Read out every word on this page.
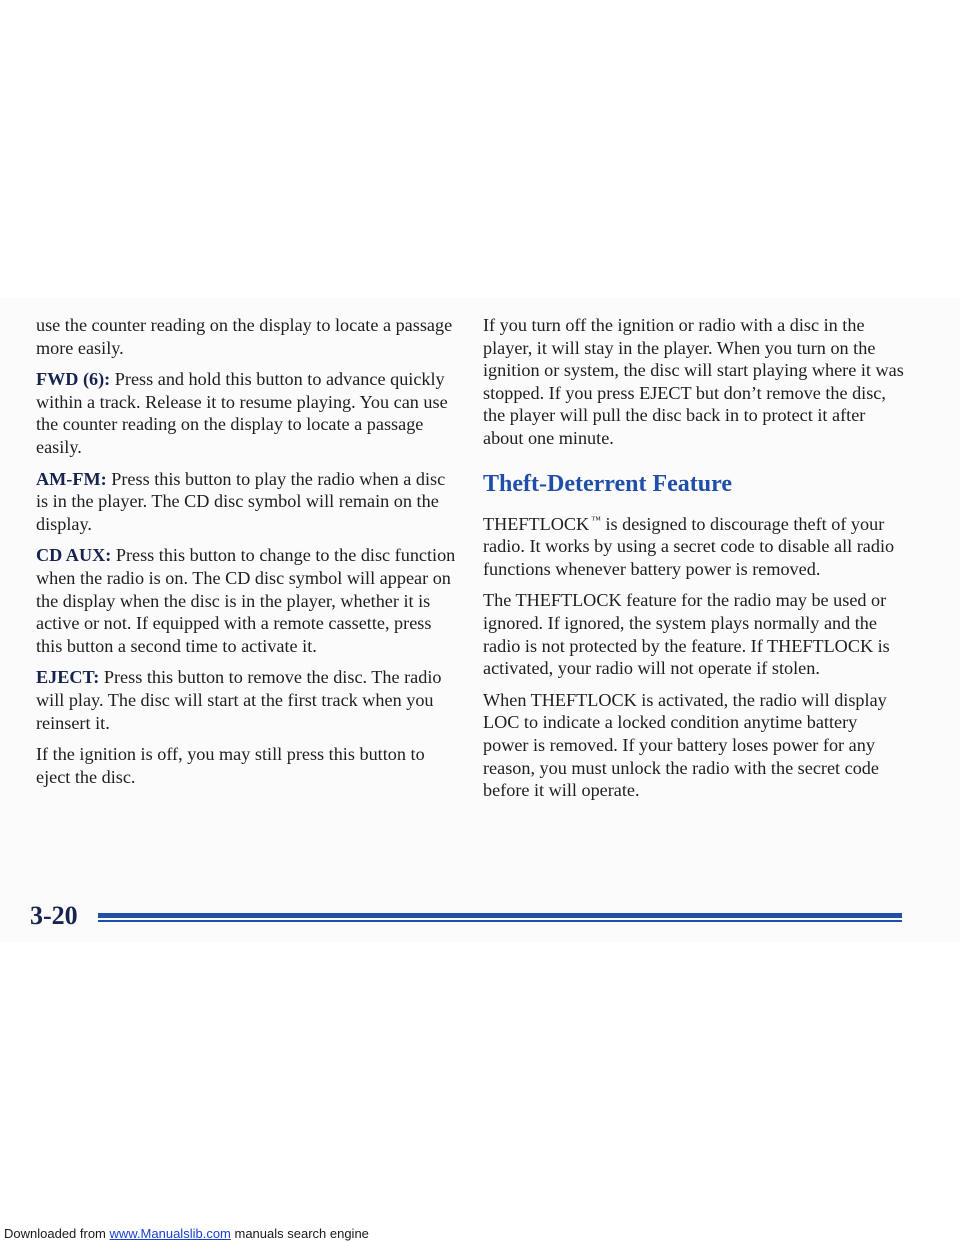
use the counter reading on the display to locate a passage more easily.

FWD (6): Press and hold this button to advance quickly within a track. Release it to resume playing. You can use the counter reading on the display to locate a passage easily.

AM-FM: Press this button to play the radio when a disc is in the player. The CD disc symbol will remain on the display.

CD AUX: Press this button to change to the disc function when the radio is on. The CD disc symbol will appear on the display when the disc is in the player, whether it is active or not. If equipped with a remote cassette, press this button a second time to activate it.

EJECT: Press this button to remove the disc. The radio will play. The disc will start at the first track when you reinsert it.

If the ignition is off, you may still press this button to eject the disc.

If you turn off the ignition or radio with a disc in the player, it will stay in the player. When you turn on the ignition or system, the disc will start playing where it was stopped. If you press EJECT but don’t remove the disc, the player will pull the disc back in to protect it after about one minute.

Theft-Deterrent Feature

THEFTLOCK ™ is designed to discourage theft of your radio. It works by using a secret code to disable all radio functions whenever battery power is removed.

The THEFTLOCK feature for the radio may be used or ignored. If ignored, the system plays normally and the radio is not protected by the feature. If THEFTLOCK is activated, your radio will not operate if stolen.

When THEFTLOCK is activated, the radio will display LOC to indicate a locked condition anytime battery power is removed. If your battery loses power for any reason, you must unlock the radio with the secret code before it will operate.

3-20
Downloaded from www.Manualslib.com manuals search engine
